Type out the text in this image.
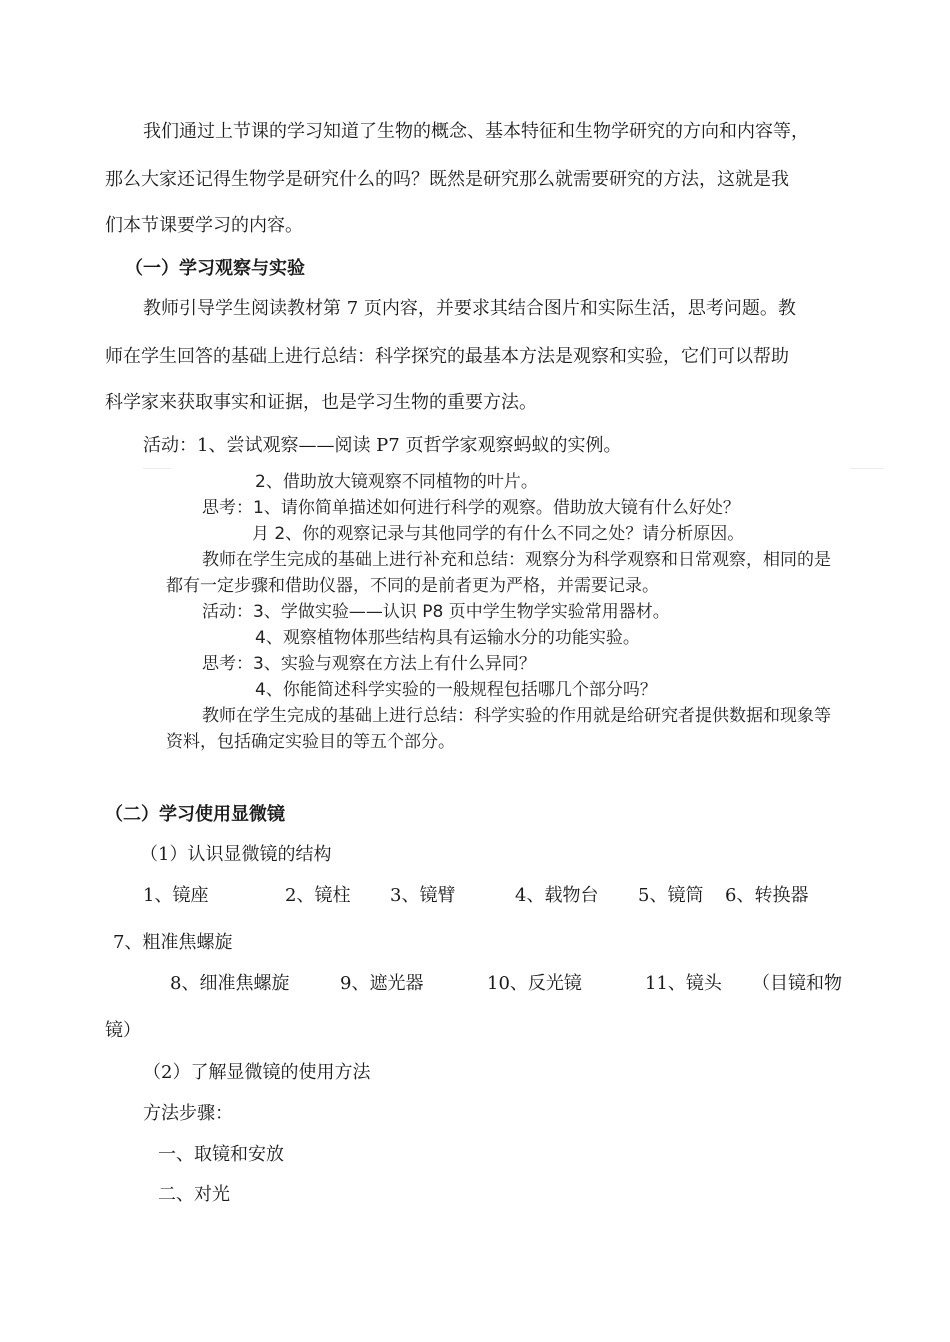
我们通过上节课的学习知道了生物的概念、基本特征和生物学研究的方向和内容等，
那么大家还记得生物学是研究什么的吗？既然是研究那么就需要研究的方法，这就是我
们本节课要学习的内容。
（一）学习观察与实验
教师引导学生阅读教材第 7 页内容，并要求其结合图片和实际生活，思考问题。教
师在学生回答的基础上进行总结：科学探究的最基本方法是观察和实验，它们可以帮助
科学家来获取事实和证据，也是学习生物的重要方法。
活动：1、尝试观察——阅读 P7 页哲学家观察蚂蚁的实例。
2、借助放大镜观察不同植物的叶片。
思考：1、请你简单描述如何进行科学的观察。借助放大镜有什么好处？
月 2、你的观察记录与其他同学的有什么不同之处？请分析原因。
教师在学生完成的基础上进行补充和总结：观察分为科学观察和日常观察，相同的是
都有一定步骤和借助仪器，不同的是前者更为严格，并需要记录。
活动：3、学做实验——认识 P8 页中学生物学实验常用器材。
4、观察植物体那些结构具有运输水分的功能实验。
思考：3、实验与观察在方法上有什么异同？
4、你能简述科学实验的一般规程包括哪几个部分吗？
教师在学生完成的基础上进行总结：科学实验的作用就是给研究者提供数据和现象等
资料，包括确定实验目的等五个部分。
（二）学习使用显微镜
（1）认识显微镜的结构
1、镜座	2、镜柱 3、镜臂	4、载物台 5、镜筒 6、转换器
7、粗准焦螺旋
8、细准焦螺旋	9、遮光器	10、反光镜	11、镜头 （目镜和物
镜）
（2）了解显微镜的使用方法
方法步骤：
一、取镜和安放
二、对光
